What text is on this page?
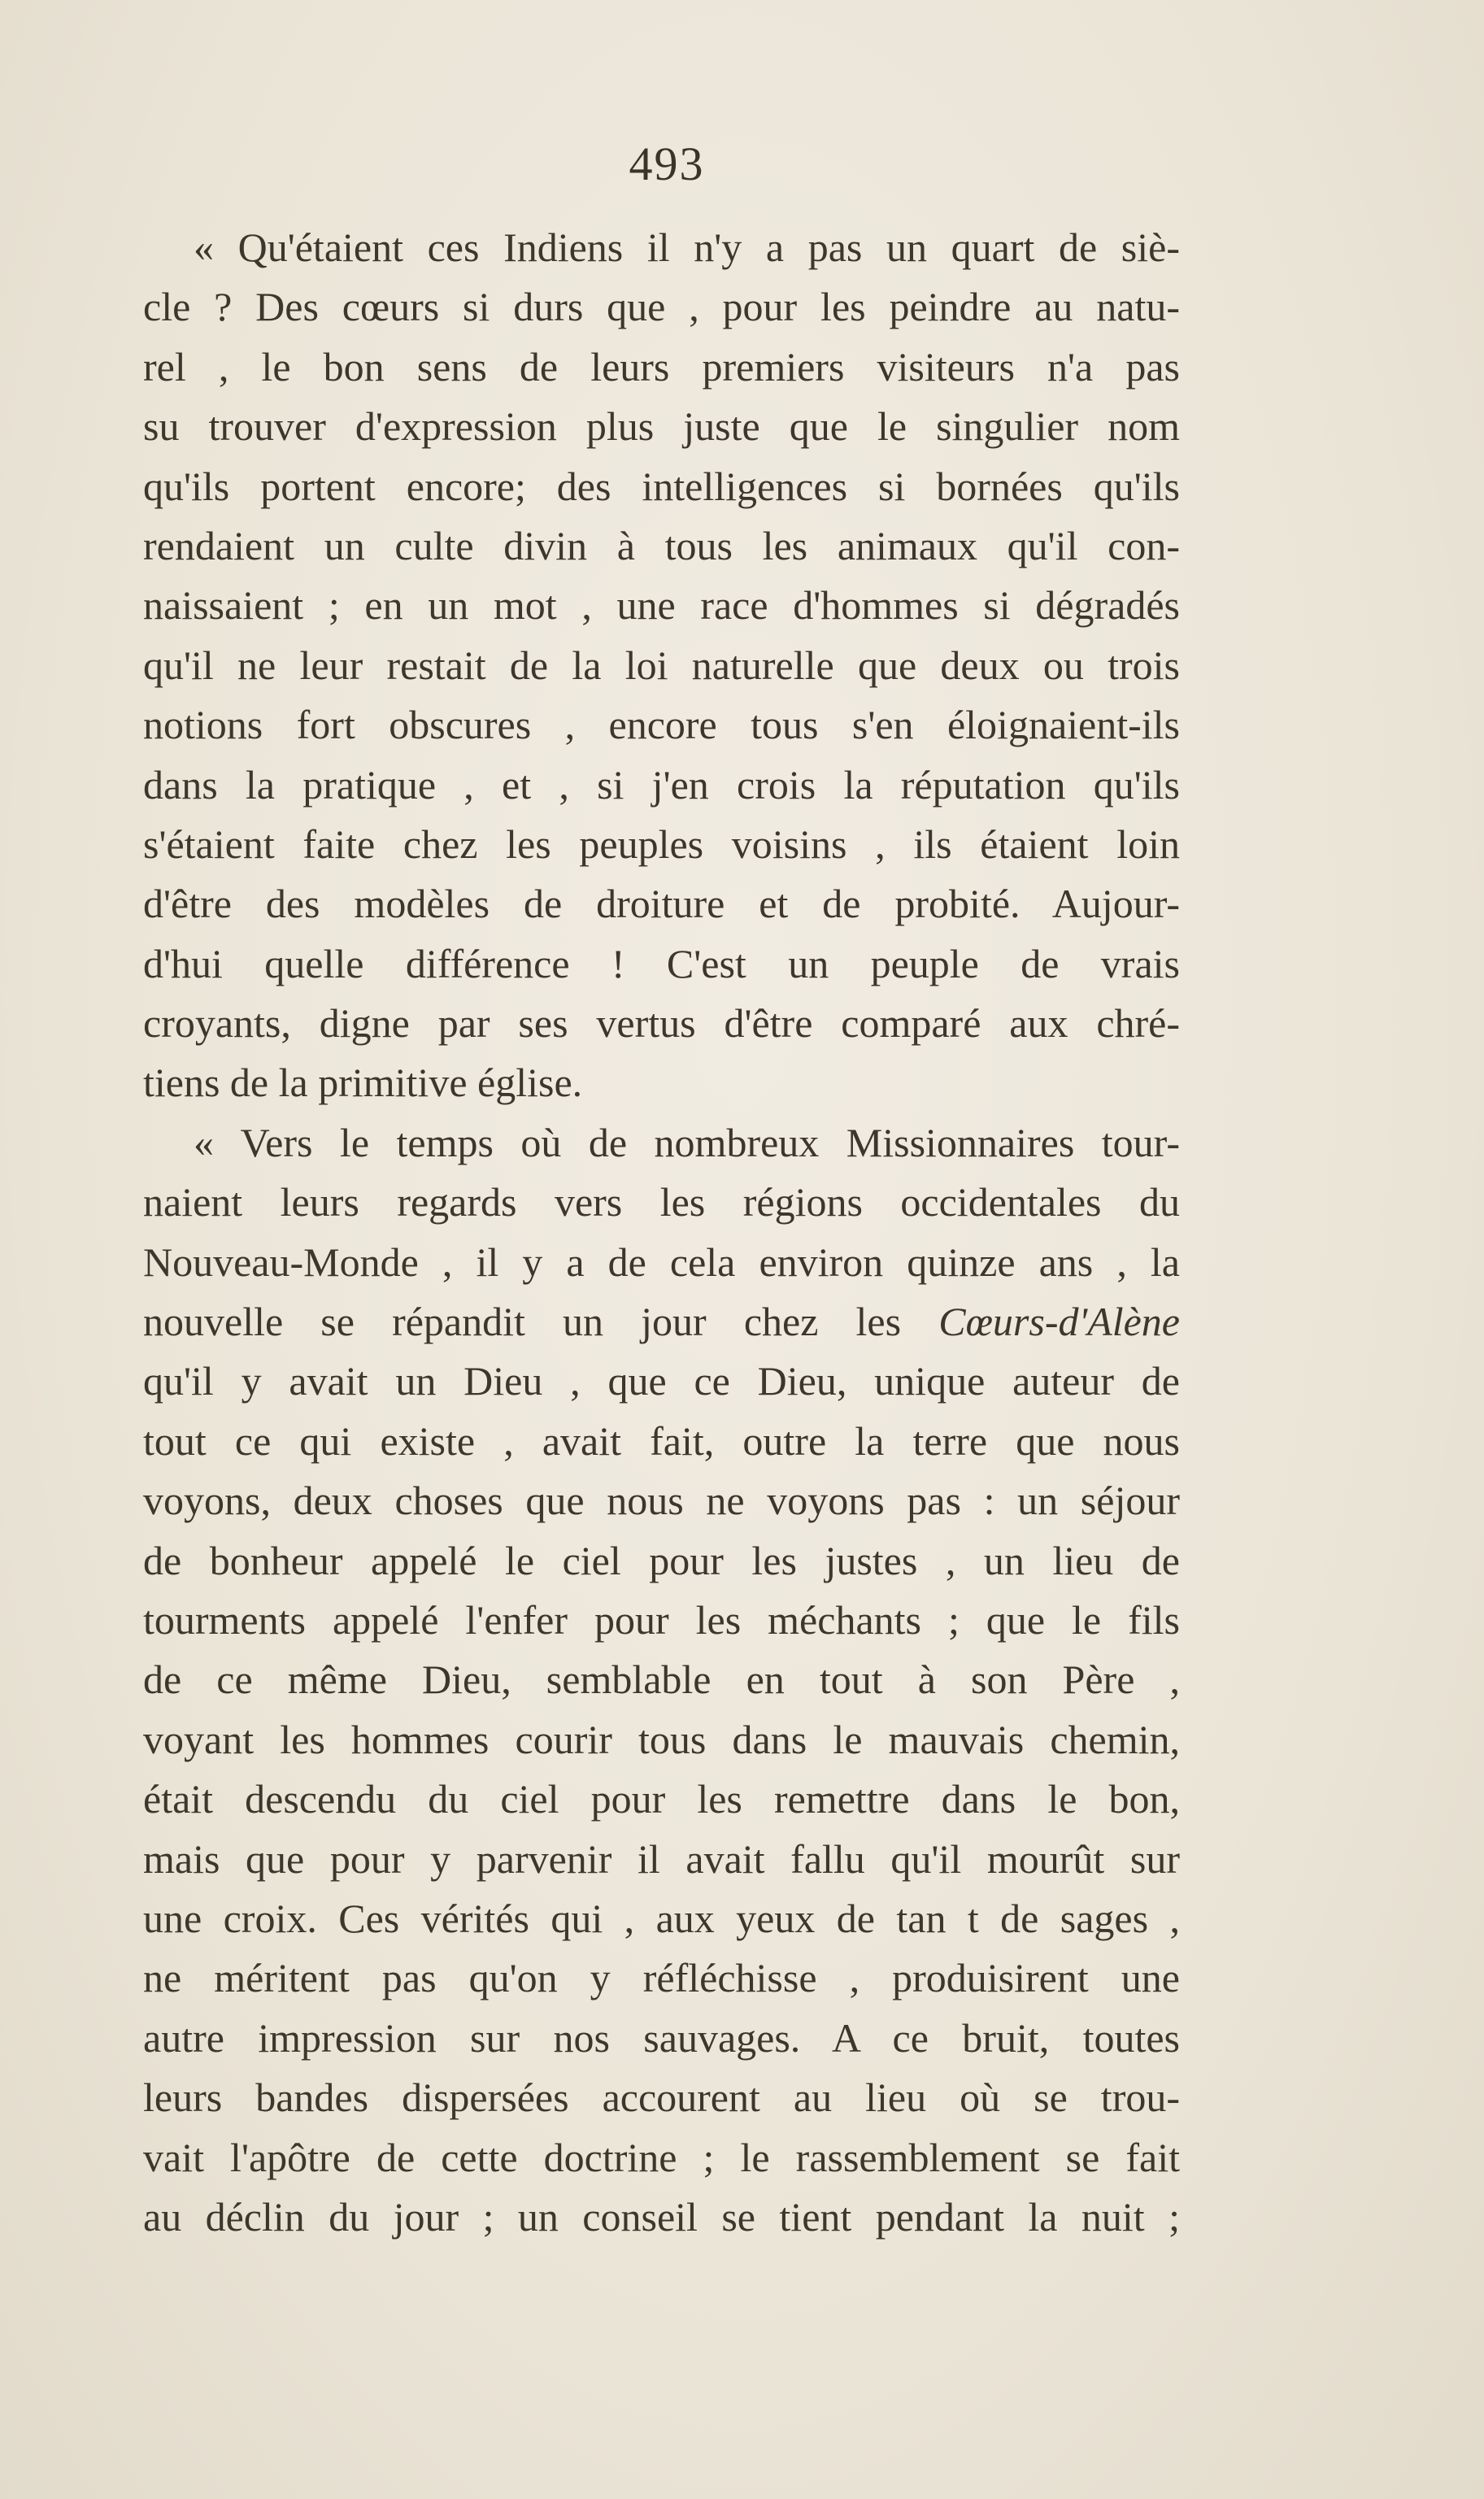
493
« Qu'étaient ces Indiens il n'y a pas un quart de siè-
cle ? Des cœurs si durs que , pour les peindre au natu-
rel , le bon sens de leurs premiers visiteurs n'a pas
su trouver d'expression plus juste que le singulier nom
qu'ils portent encore; des intelligences si bornées qu'ils
rendaient un culte divin à tous les animaux qu'il con-
naissaient ; en un mot , une race d'hommes si dégradés
qu'il ne leur restait de la loi naturelle que deux ou trois
notions fort obscures , encore tous s'en éloignaient-ils
dans la pratique , et , si j'en crois la réputation qu'ils
s'étaient faite chez les peuples voisins , ils étaient loin
d'être des modèles de droiture et de probité. Aujour-
d'hui quelle différence ! C'est un peuple de vrais
croyants, digne par ses vertus d'être comparé aux chré-
tiens de la primitive église.
« Vers le temps où de nombreux Missionnaires tour-
naient leurs regards vers les régions occidentales du
Nouveau-Monde , il y a de cela environ quinze ans , la
nouvelle se répandit un jour chez les Cœurs-d'Alène
qu'il y avait un Dieu , que ce Dieu, unique auteur de
tout ce qui existe , avait fait, outre la terre que nous
voyons, deux choses que nous ne voyons pas : un séjour
de bonheur appelé le ciel pour les justes , un lieu de
tourments appelé l'enfer pour les méchants ; que le fils
de ce même Dieu, semblable en tout à son Père ,
voyant les hommes courir tous dans le mauvais chemin,
était descendu du ciel pour les remettre dans le bon,
mais que pour y parvenir il avait fallu qu'il mourût sur
une croix. Ces vérités qui , aux yeux de tan t de sages ,
ne méritent pas qu'on y réfléchisse , produisirent une
autre impression sur nos sauvages. A ce bruit, toutes
leurs bandes dispersées accourent au lieu où se trou-
vait l'apôtre de cette doctrine ; le rassemblement se fait
au déclin du jour ; un conseil se tient pendant la nuit ;
